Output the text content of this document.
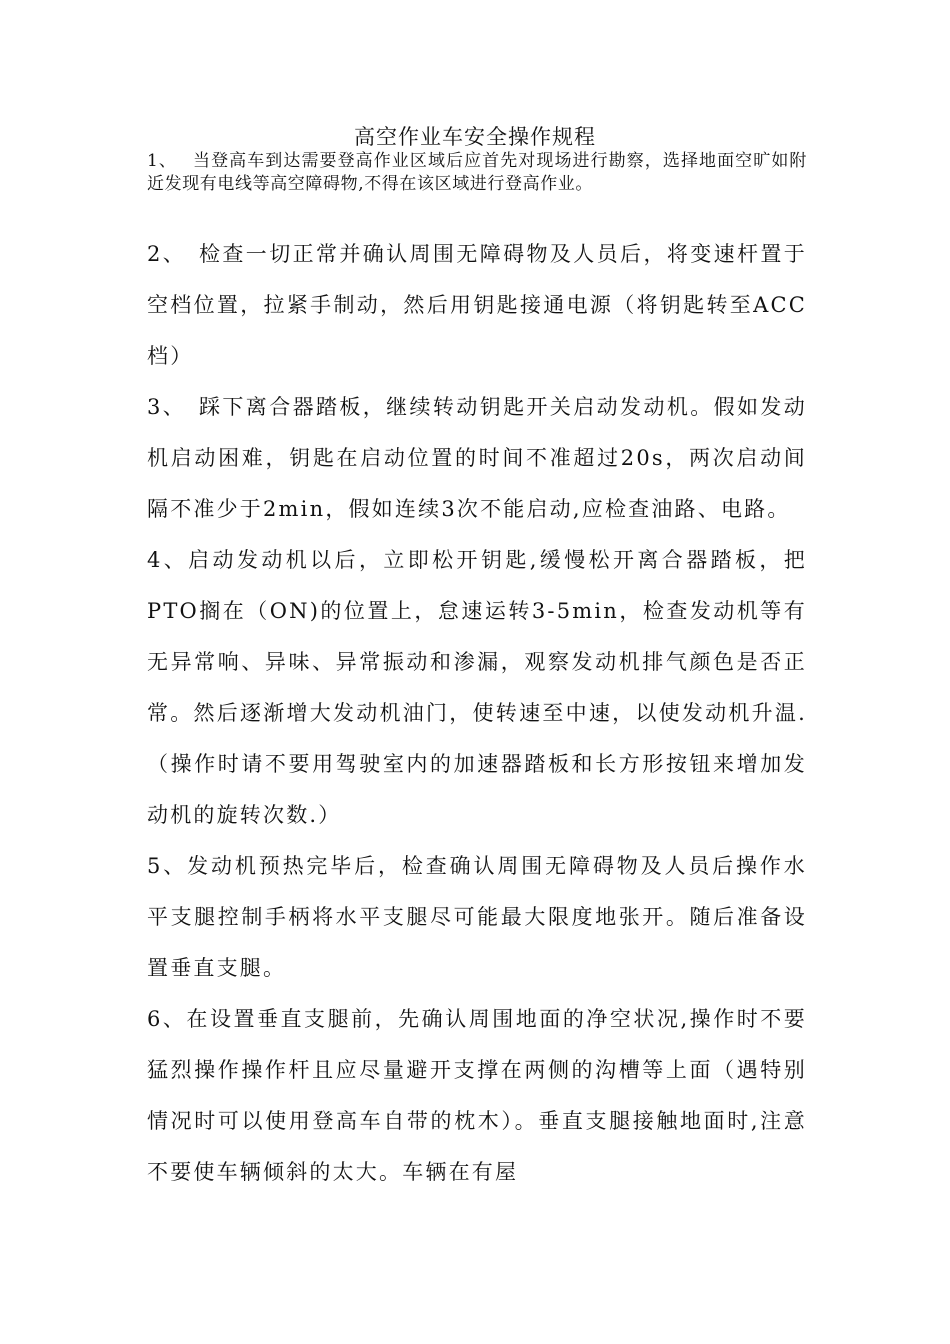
高空作业车安全操作规程

1、　 当登高车到达需要登高作业区域后应首先对现场进行勘察，选择地面空旷如附近发现有电线等高空障碍物,不得在该区域进行登高作业。

2、　检查一切正常并确认周围无障碍物及人员后，将变速杆置于空档位置，拉紧手制动，然后用钥匙接通电源（将钥匙转至ACC档）

3、　踩下离合器踏板，继续转动钥匙开关启动发动机。假如发动机启动困难，钥匙在启动位置的时间不准超过20s，两次启动间隔不准少于2min，假如连续3次不能启动,应检查油路、电路。

4、启动发动机以后，立即松开钥匙,缓慢松开离合器踏板，把PTO搁在（ON)的位置上，怠速运转3-5min，检查发动机等有无异常响、异味、异常振动和渗漏，观察发动机排气颜色是否正常。然后逐渐增大发动机油门，使转速至中速，以使发动机升温.（操作时请不要用驾驶室内的加速器踏板和长方形按钮来增加发动机的旋转次数.）

5、发动机预热完毕后，检查确认周围无障碍物及人员后操作水平支腿控制手柄将水平支腿尽可能最大限度地张开。随后准备设置垂直支腿。

6、在设置垂直支腿前，先确认周围地面的净空状况,操作时不要猛烈操作操作杆且应尽量避开支撑在两侧的沟槽等上面（遇特别情况时可以使用登高车自带的枕木）。垂直支腿接触地面时,注意不要使车辆倾斜的太大。车辆在有屋
